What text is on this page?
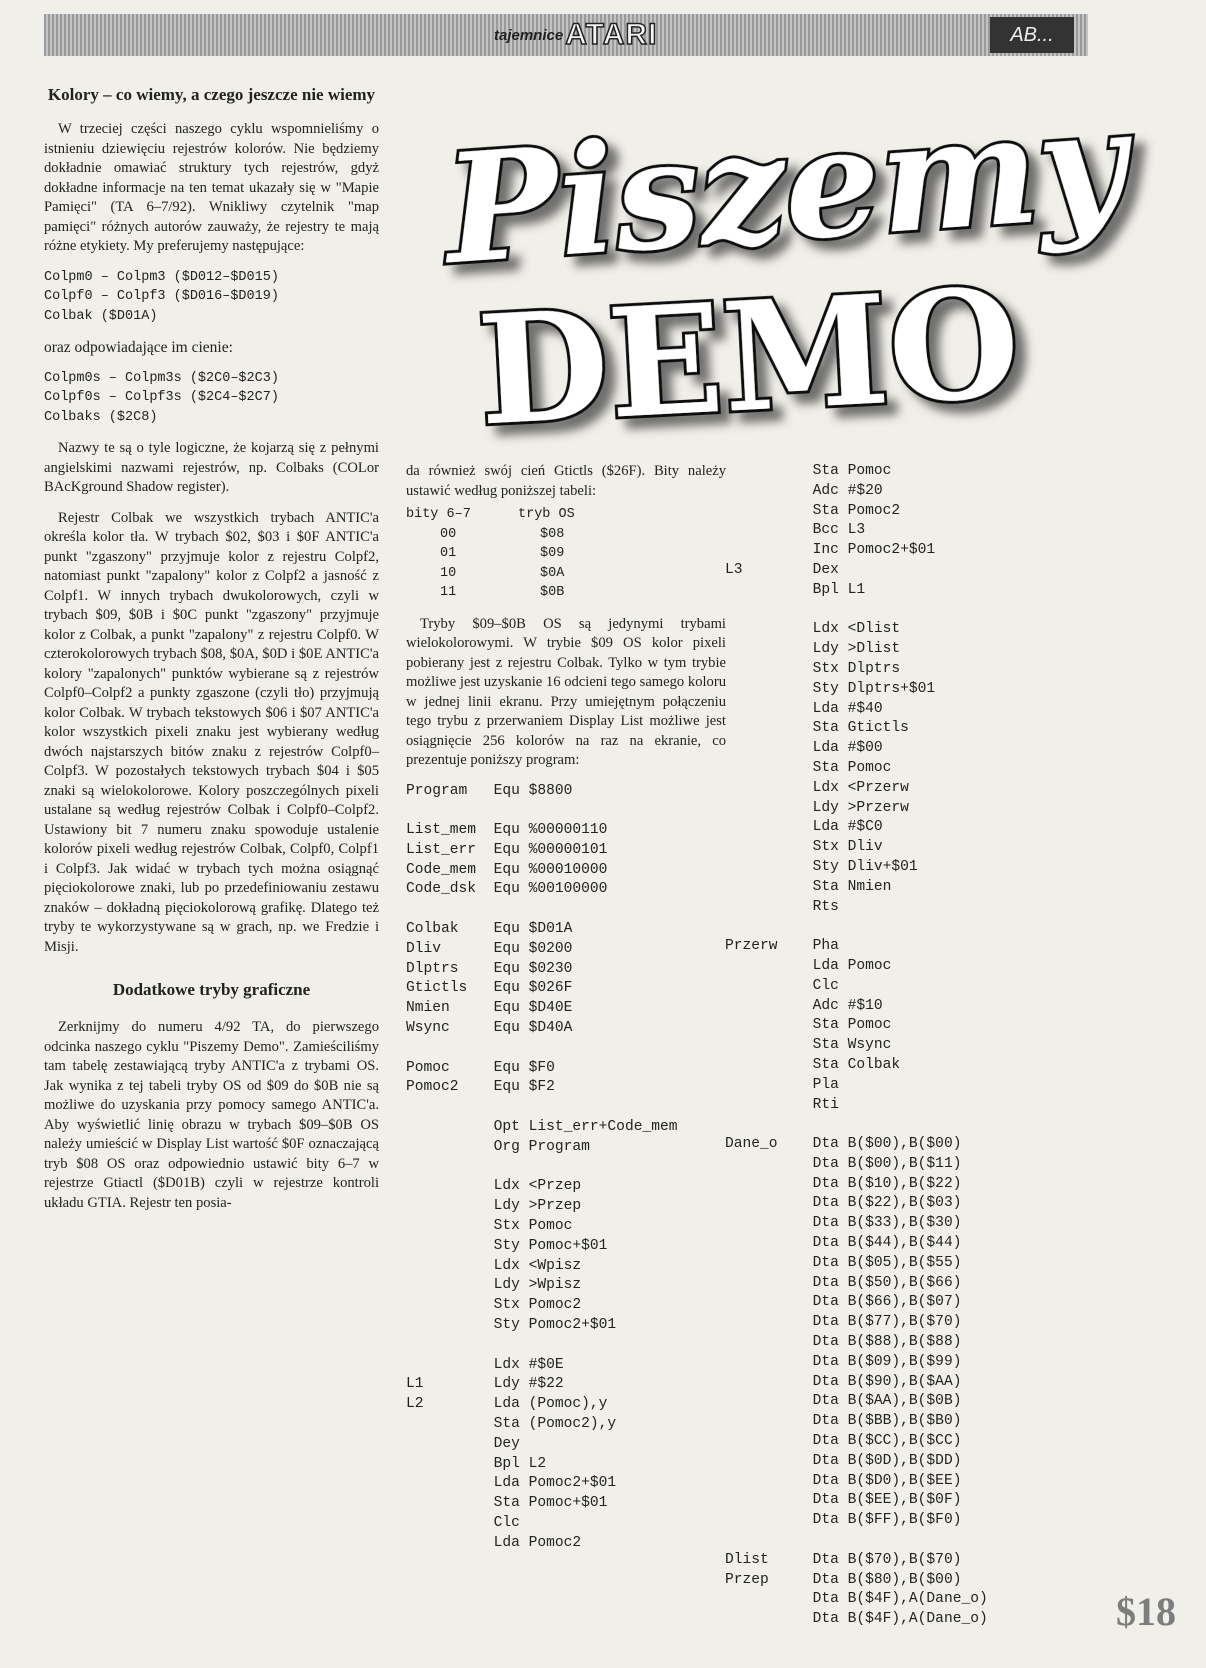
tajemnice ATARI	AB...
Piszemy
DEMO
Kolory – co wiemy, a czego jeszcze nie wiemy

W trzeciej części naszego cyklu wspomnieliśmy o istnieniu dziewięciu rejestrów kolorów. Nie będziemy dokładnie omawiać struktury tych rejestrów, gdyż dokładne informacje na ten temat ukazały się w "Mapie Pamięci" (TA 6–7/92). Wnikliwy czytelnik "map pamięci" różnych autorów zauważy, że rejestry te mają różne etykiety. My preferujemy następujące:

Colpm0 – Colpm3 ($D012–$D015)
Colpf0 – Colpf3 ($D016–$D019)
Colbak ($D01A)

oraz odpowiadające im cienie:

Colpm0s – Colpm3s ($2C0–$2C3)
Colpf0s – Colpf3s ($2C4–$2C7)
Colbaks ($2C8)

Nazwy te są o tyle logiczne, że kojarzą się z pełnymi angielskimi nazwami rejestrów, np. Colbaks (COLor BAcKground Shadow register).

Rejestr Colbak we wszystkich trybach ANTIC'a określa kolor tła. W trybach $02, $03 i $0F ANTIC'a punkt "zgaszony" przyjmuje kolor z rejestru Colpf2, natomiast punkt "zapalony" kolor z Colpf2 a jasność z Colpf1. W innych trybach dwukolorowych, czyli w trybach $09, $0B i $0C punkt "zgaszony" przyjmuje kolor z Colbak, a punkt "zapalony" z rejestru Colpf0. W czterokolorowych trybach $08, $0A, $0D i $0E ANTIC'a kolory "zapalonych" punktów wybierane są z rejestrów Colpf0–Colpf2 a punkty zgaszone (czyli tło) przyjmują kolor Colbak. W trybach tekstowych $06 i $07 ANTIC'a kolor wszystkich pixeli znaku jest wybierany według dwóch najstarszych bitów znaku z rejestrów Colpf0–Colpf3. W pozostałych tekstowych trybach $04 i $05 znaki są wielokolorowe. Kolory poszczególnych pixeli ustalane są według rejestrów Colbak i Colpf0–Colpf2. Ustawiony bit 7 numeru znaku spowoduje ustalenie kolorów pixeli według rejestrów Colbak, Colpf0, Colpf1 i Colpf3. Jak widać w trybach tych można osiągnąć pięciokolorowe znaki, lub po przedefiniowaniu zestawu znaków – dokładną pięciokolorową grafikę. Dlatego też tryby te wykorzystywane są w grach, np. we Fredzie i Misji.

Dodatkowe tryby graficzne

Zerknijmy do numeru 4/92 TA, do pierwszego odcinka naszego cyklu "Piszemy Demo". Zamieściliśmy tam tabelę zestawiającą tryby ANTIC'a z trybami OS. Jak wynika z tej tabeli tryby OS od $09 do $0B nie są możliwe do uzyskania przy pomocy samego ANTIC'a. Aby wyświetlić linię obrazu w trybach $09–$0B OS należy umieścić w Display List wartość $0F oznaczającą tryb $08 OS oraz odpowiednio ustawić bity 6–7 w rejestrze Gtiactl ($D01B) czyli w rejestrze kontroli układu GTIA. Rejestr ten posia-

da również swój cień Gtictls ($26F). Bity należy ustawić według poniższej tabeli:

bity 6–7	tryb OS
00	$08
01	$09
10	$0A
11	$0B

Tryby $09–$0B OS są jedynymi trybami wielokolorowymi. W trybie $09 OS kolor pixeli pobierany jest z rejestru Colbak. Tylko w tym trybie możliwe jest uzyskanie 16 odcieni tego samego koloru w jednej linii ekranu. Przy umiejętnym połączeniu tego trybu z przerwaniem Display List możliwe jest osiągnięcie 256 kolorów na raz na ekranie, co prezentuje poniższy program:

Program   Equ $8800

List_mem  Equ %00000110
List_err  Equ %00000101
Code_mem  Equ %00010000
Code_dsk  Equ %00100000

Colbak    Equ $D01A
Dliv      Equ $0200
Dlptrs    Equ $0230
Gtictls   Equ $026F
Nmien     Equ $D40E
Wsync     Equ $D40A

Pomoc     Equ $F0
Pomoc2    Equ $F2

Opt List_err+Code_mem
Org Program

Ldx <Przep
Ldy >Przep
Stx Pomoc
Sty Pomoc+$01
Ldx <Wpisz
Ldy >Wpisz
Stx Pomoc2
Sty Pomoc2+$01

Ldx #$0E
L1        Ldy #$22
L2        Lda (Pomoc),y
Sta (Pomoc2),y
Dey
Bpl L2
Lda Pomoc2+$01
Sta Pomoc+$01
Clc
Lda Pomoc2
Sta Pomoc
Adc #$20
Sta Pomoc2
Bcc L3
Inc Pomoc2+$01
L3        Dex
Bpl L1

Ldx <Dlist
Ldy >Dlist
Stx Dlptrs
Sty Dlptrs+$01
Lda #$40
Sta Gtictls
Lda #$00
Sta Pomoc
Ldx <Przerw
Ldy >Przerw
Lda #$C0
Stx Dliv
Sty Dliv+$01
Sta Nmien
Rts

Przerw    Pha
Lda Pomoc
Clc
Adc #$10
Sta Pomoc
Sta Wsync
Sta Colbak
Pla
Rti

Dane_o    Dta B($00),B($00)
Dta B($00),B($11)
Dta B($10),B($22)
Dta B($22),B($03)
Dta B($33),B($30)
Dta B($44),B($44)
Dta B($05),B($55)
Dta B($50),B($66)
Dta B($66),B($07)
Dta B($77),B($70)
Dta B($88),B($88)
Dta B($09),B($99)
Dta B($90),B($AA)
Dta B($AA),B($0B)
Dta B($BB),B($B0)
Dta B($CC),B($CC)
Dta B($0D),B($DD)
Dta B($D0),B($EE)
Dta B($EE),B($0F)
Dta B($FF),B($F0)

Dlist     Dta B($70),B($70)
Przep     Dta B($80),B($00)
Dta B($4F),A(Dane_o)
Dta B($4F),A(Dane_o)	$18
